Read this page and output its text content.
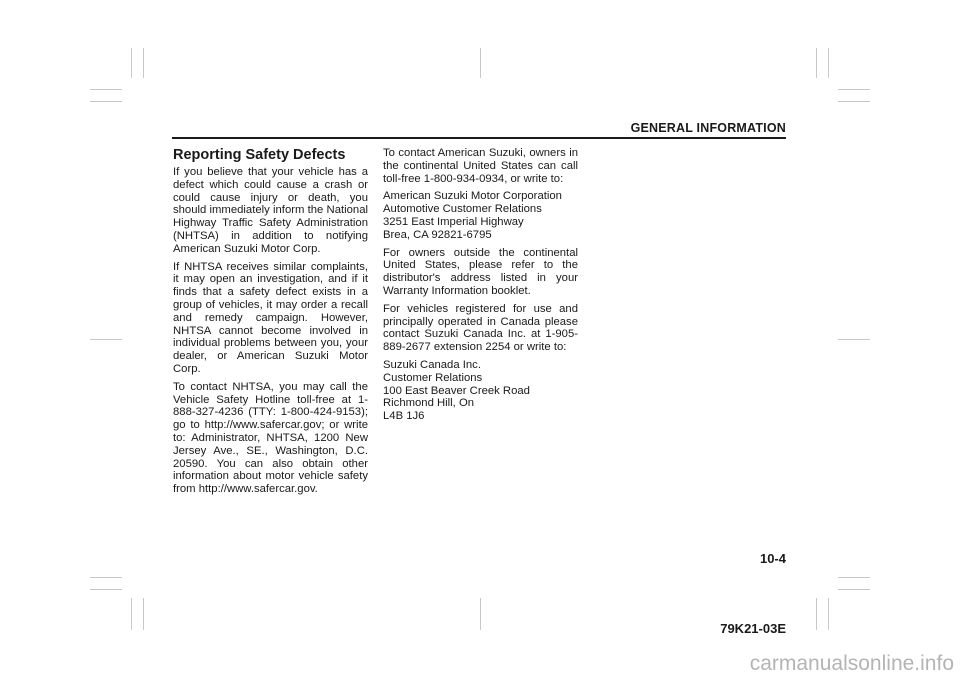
GENERAL INFORMATION
Reporting Safety Defects

If you believe that your vehicle has a defect which could cause a crash or could cause injury or death, you should immediately inform the National Highway Traffic Safety Administration (NHTSA) in addition to notifying American Suzuki Motor Corp.

If NHTSA receives similar complaints, it may open an investigation, and if it finds that a safety defect exists in a group of vehicles, it may order a recall and remedy campaign. However, NHTSA cannot become involved in individual problems between you, your dealer, or American Suzuki Motor Corp.

To contact NHTSA, you may call the Vehicle Safety Hotline toll-free at 1-888-327-4236 (TTY: 1-800-424-9153); go to http://www.safercar.gov; or write to: Administrator, NHTSA, 1200 New Jersey Ave., SE., Washington, D.C. 20590. You can also obtain other information about motor vehicle safety from http://www.safercar.gov.

To contact American Suzuki, owners in the continental United States can call toll-free 1-800-934-0934, or write to:

American Suzuki Motor Corporation
Automotive Customer Relations
3251 East Imperial Highway
Brea, CA 92821-6795

For owners outside the continental United States, please refer to the distributor's address listed in your Warranty Information booklet.

For vehicles registered for use and principally operated in Canada please contact Suzuki Canada Inc. at 1-905-889-2677 extension 2254 or write to:

Suzuki Canada Inc.
Customer Relations
100 East Beaver Creek Road
Richmond Hill, On
L4B 1J6

10-4
79K21-03E
carmanualsonline.info
